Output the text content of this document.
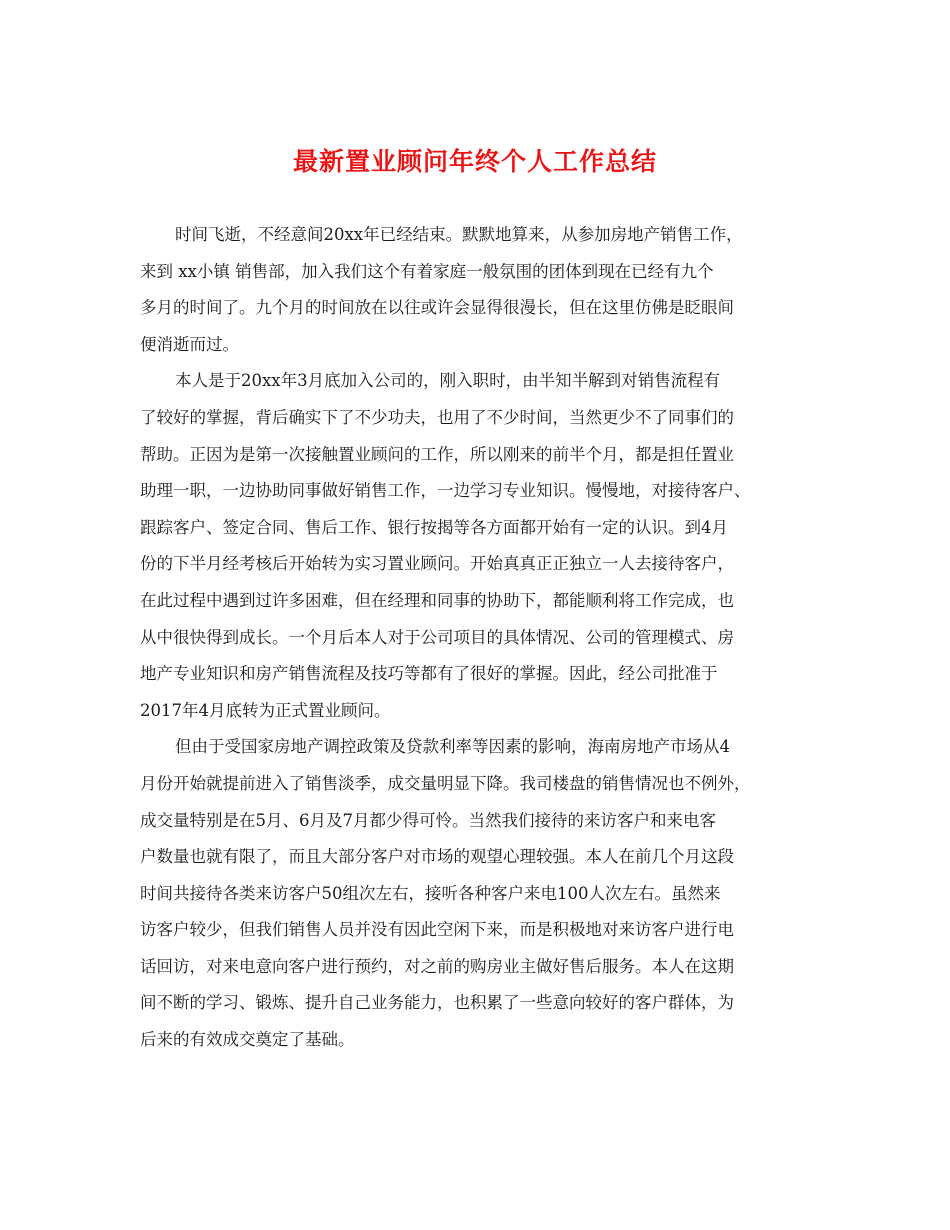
最新置业顾问年终个人工作总结
时间飞逝，不经意间20xx年已经结束。默默地算来，从参加房地产销售工作，
来到 xx小镇 销售部，加入我们这个有着家庭一般氛围的团体到现在已经有九个
多月的时间了。九个月的时间放在以往或许会显得很漫长，但在这里仿佛是眨眼间
便消逝而过。
本人是于20xx年3月底加入公司的，刚入职时，由半知半解到对销售流程有
了较好的掌握，背后确实下了不少功夫，也用了不少时间，当然更少不了同事们的
帮助。正因为是第一次接触置业顾问的工作，所以刚来的前半个月，都是担任置业
助理一职，一边协助同事做好销售工作，一边学习专业知识。慢慢地，对接待客户、
跟踪客户、签定合同、售后工作、银行按揭等各方面都开始有一定的认识。到4月
份的下半月经考核后开始转为实习置业顾问。开始真真正正独立一人去接待客户，
在此过程中遇到过许多困难，但在经理和同事的协助下，都能顺利将工作完成，也
从中很快得到成长。一个月后本人对于公司项目的具体情况、公司的管理模式、房
地产专业知识和房产销售流程及技巧等都有了很好的掌握。因此，经公司批准于
2017年4月底转为正式置业顾问。
但由于受国家房地产调控政策及贷款利率等因素的影响，海南房地产市场从4
月份开始就提前进入了销售淡季，成交量明显下降。我司楼盘的销售情况也不例外，
成交量特别是在5月、6月及7月都少得可怜。当然我们接待的来访客户和来电客
户数量也就有限了，而且大部分客户对市场的观望心理较强。本人在前几个月这段
时间共接待各类来访客户50组次左右，接听各种客户来电100人次左右。虽然来
访客户较少，但我们销售人员并没有因此空闲下来，而是积极地对来访客户进行电
话回访，对来电意向客户进行预约，对之前的购房业主做好售后服务。本人在这期
间不断的学习、锻炼、提升自己业务能力，也积累了一些意向较好的客户群体，为
后来的有效成交奠定了基础。
